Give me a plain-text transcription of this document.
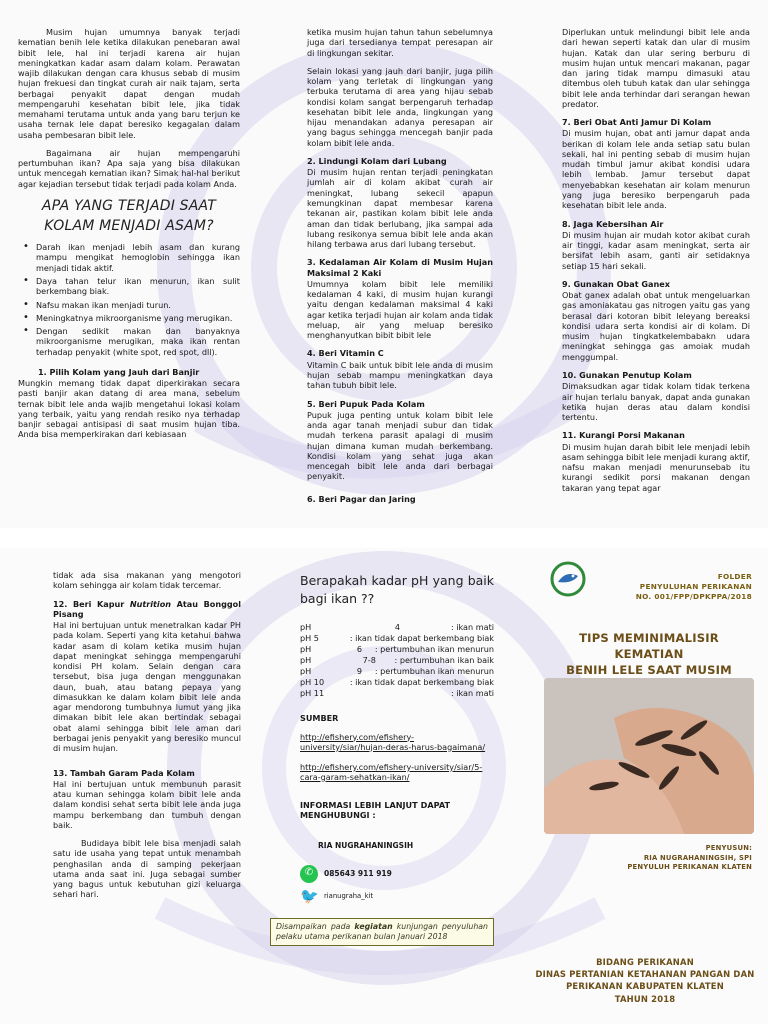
Musim hujan umumnya banyak terjadi kematian benih lele ketika dilakukan penebaran awal bibit lele, hal ini terjadi karena air hujan meningkatkan kadar asam dalam kolam. Perawatan wajib dilakukan dengan cara khusus sebab di musim hujan frekuesi dan tingkat curah air naik tajam, serta berbagai penyakit dapat dengan mudah mempengaruhi kesehatan bibit lele, jika tidak memahami terutama untuk anda yang baru terjun ke usaha ternak lele dapat beresiko kegagalan dalam usaha pembesaran bibit lele.

Bagaimana air hujan mempengaruhi pertumbuhan ikan? Apa saja yang bisa dilakukan untuk mencegah kematian ikan? Simak hal-hal berikut agar kejadian tersebut tidak terjadi pada kolam Anda.

APA YANG TERJADI SAAT KOLAM MENJADI ASAM?
• Darah ikan menjadi lebih asam dan kurang mampu mengikat hemoglobin sehingga ikan menjadi tidak aktif.
• Daya tahan telur ikan menurun, ikan sulit berkembang biak.
• Nafsu makan ikan menjadi turun.
• Meningkatnya mikroorganisme yang merugikan.
• Dengan sedikit makan dan banyaknya mikroorganisme merugikan, maka ikan rentan terhadap penyakit (white spot, red spot, dll).
1. Pilih Kolam yang Jauh dari Banjir

Mungkin memang tidak dapat diperkirakan secara pasti banjir akan datang di area mana, sebelum ternak bibit lele anda wajib mengetahui lokasi kolam yang terbaik, yaitu yang rendah resiko nya terhadap banjir sebagai antisipasi di saat musim hujan tiba. Anda bisa memperkirakan dari kebiasaan

ketika musim hujan tahun tahun sebelumnya juga dari tersedianya tempat peresapan air di lingkungan sekitar.

Selain lokasi yang jauh dari banjir, juga pilih kolam yang terletak di lingkungan yang terbuka terutama di area yang hijau sebab kondisi kolam sangat berpengaruh terhadap kesehatan bibit lele anda, lingkungan yang hijau menandakan adanya peresapan air yang bagus sehingga mencegah banjir pada kolam bibit lele anda.

2. Lindungi Kolam dari Lubang

Di musim hujan rentan terjadi peningkatan jumlah air di kolam akibat curah air meningkat, lubang sekecil apapun kemungkinan dapat membesar karena tekanan air, pastikan kolam bibit lele anda aman dan tidak berlubang, jika sampai ada lubang resikonya semua bibit lele anda akan hilang terbawa arus dari lubang tersebut.

3. Kedalaman Air Kolam di Musim Hujan Maksimal 2 Kaki

Umumnya kolam bibit lele memiliki kedalaman 4 kaki, di musim hujan kurangi yaitu dengan kedalaman maksimal 4 kaki agar ketika terjadi hujan air kolam anda tidak meluap, air yang meluap beresiko menghanyutkan bibit bibit lele

4. Beri Vitamin C

Vitamin C baik untuk bibit lele anda di musim hujan sebab mampu meningkatkan daya tahan tubuh bibit lele.

5. Beri Pupuk Pada Kolam

Pupuk juga penting untuk kolam bibit lele anda agar tanah menjadi subur dan tidak mudah terkena parasit apalagi di musim hujan dimana kuman mudah berkembang. Kondisi kolam yang sehat juga akan mencegah bibit lele anda dari berbagai penyakit.

6. Beri Pagar dan Jaring

Diperlukan untuk melindungi bibit lele anda dari hewan seperti katak dan ular di musim hujan. Katak dan ular sering berburu di musim hujan untuk mencari makanan, pagar dan jaring tidak mampu dimasuki atau ditembus oleh tubuh katak dan ular sehingga bibit lele anda terhindar dari serangan hewan predator.

7. Beri Obat Anti Jamur Di Kolam

Di musim hujan, obat anti jamur dapat anda berikan di kolam lele anda setiap satu bulan sekali, hal ini penting sebab di musim hujan mudah timbul jamur akibat kondisi udara lebih lembab. Jamur tersebut dapat menyebabkan kesehatan air kolam menurun yang juga beresiko berpengaruh pada kesehatan bibit lele anda.

8. Jaga Kebersihan Air

Di musim hujan air mudah kotor akibat curah air tinggi, kadar asam meningkat, serta air bersifat lebih asam, ganti air setidaknya setiap 15 hari sekali.

9. Gunakan Obat Ganex

Obat ganex adalah obat untuk mengeluarkan gas amoniakatau gas nitrogen yaitu gas yang berasal dari kotoran bibit leleyang bereaksi kondisi udara serta kondisi air di kolam. Di musim hujan tingkatkelembabakn udara meningkat sehingga gas amoiak mudah menggumpal.

10. Gunakan Penutup Kolam

Dimaksudkan agar tidak kolam tidak terkena air hujan terlalu banyak, dapat anda gunakan ketika hujan deras atau dalam kondisi tertentu.

11. Kurangi Porsi Makanan

Di musim hujan darah bibit lele menjadi lebih asam sehingga bibit lele menjadi kurang aktif, nafsu makan menjadi menurunsebab itu kurangi sedikit porsi makanan dengan takaran yang tepat agar

tidak ada sisa makanan yang mengotori kolam sehingga air kolam tidak tercemar.

12. Beri Kapur Nutrition Atau Bonggol Pisang

Hal ini bertujuan untuk menetralkan kadar PH pada kolam. Seperti yang kita ketahui bahwa kadar asam di kolam ketika musim hujan dapat meningkat sehingga mempengaruhi kondisi PH kolam. Selain dengan cara tersebut, bisa juga dengan menggunakan daun, buah, atau batang pepaya yang dimasukkan ke dalam kolam bibit lele anda agar mendorong tumbuhnya lumut yang jika dimakan bibit lele akan bertindak sebagai obat alami sehingga bibit lele aman dari berbagai jenis penyakit yang beresiko muncul di musim hujan.

13. Tambah Garam Pada Kolam

Hal ini bertujuan untuk membunuh parasit atau kuman sehingga kolam bibit lele anda dalam kondisi sehat serta bibit lele anda juga mampu berkembang dan tumbuh dengan baik.

Budidaya bibit lele bisa menjadi salah satu ide usaha yang tepat untuk menambah penghasilan anda di samping pekerjaan utama anda saat ini. Juga sebagai sumber yang bagus untuk kebutuhan gizi keluarga sehari hari.

Berapakah kadar pH yang baik bagi ikan ??
pH	4	: ikan mati
pH 5	: ikan tidak dapat berkembang biak
pH	6 : pertumbuhan ikan menurun
pH	7-8 : pertumbuhan ikan baik
pH	9 : pertumbuhan ikan menurun
pH 10	: ikan tidak dapat berkembang biak
pH 11	: ikan mati
SUMBER
http://efishery.com/efishery-university/siar/hujan-deras-harus-bagaimana/
http://efishery.com/efishery-university/siar/5-cara-garam-sehatkan-ikan/
INFORMASI LEBIH LANJUT DAPAT MENGHUBUNGI :
RIA NUGRAHANINGSIH
✆	085643 911 919
🐦 rianugraha_kit
Disampaikan pada kegiatan kunjungan penyuluhan pelaku utama perikanan bulan Januari 2018
FOLDER
PENYULUHAN PERIKANAN
NO. 001/FPP/DPKPPA/2018
TIPS MEMINIMALISIR KEMATIAN
BENIH LELE SAAT MUSIM
PENYUSUN:
RIA NUGRAHANINGSIH, SPI
PENYULUH PERIKANAN KLATEN
BIDANG PERIKANAN
DINAS PERTANIAN KETAHANAN PANGAN DAN
PERIKANAN KABUPATEN KLATEN
TAHUN 2018
